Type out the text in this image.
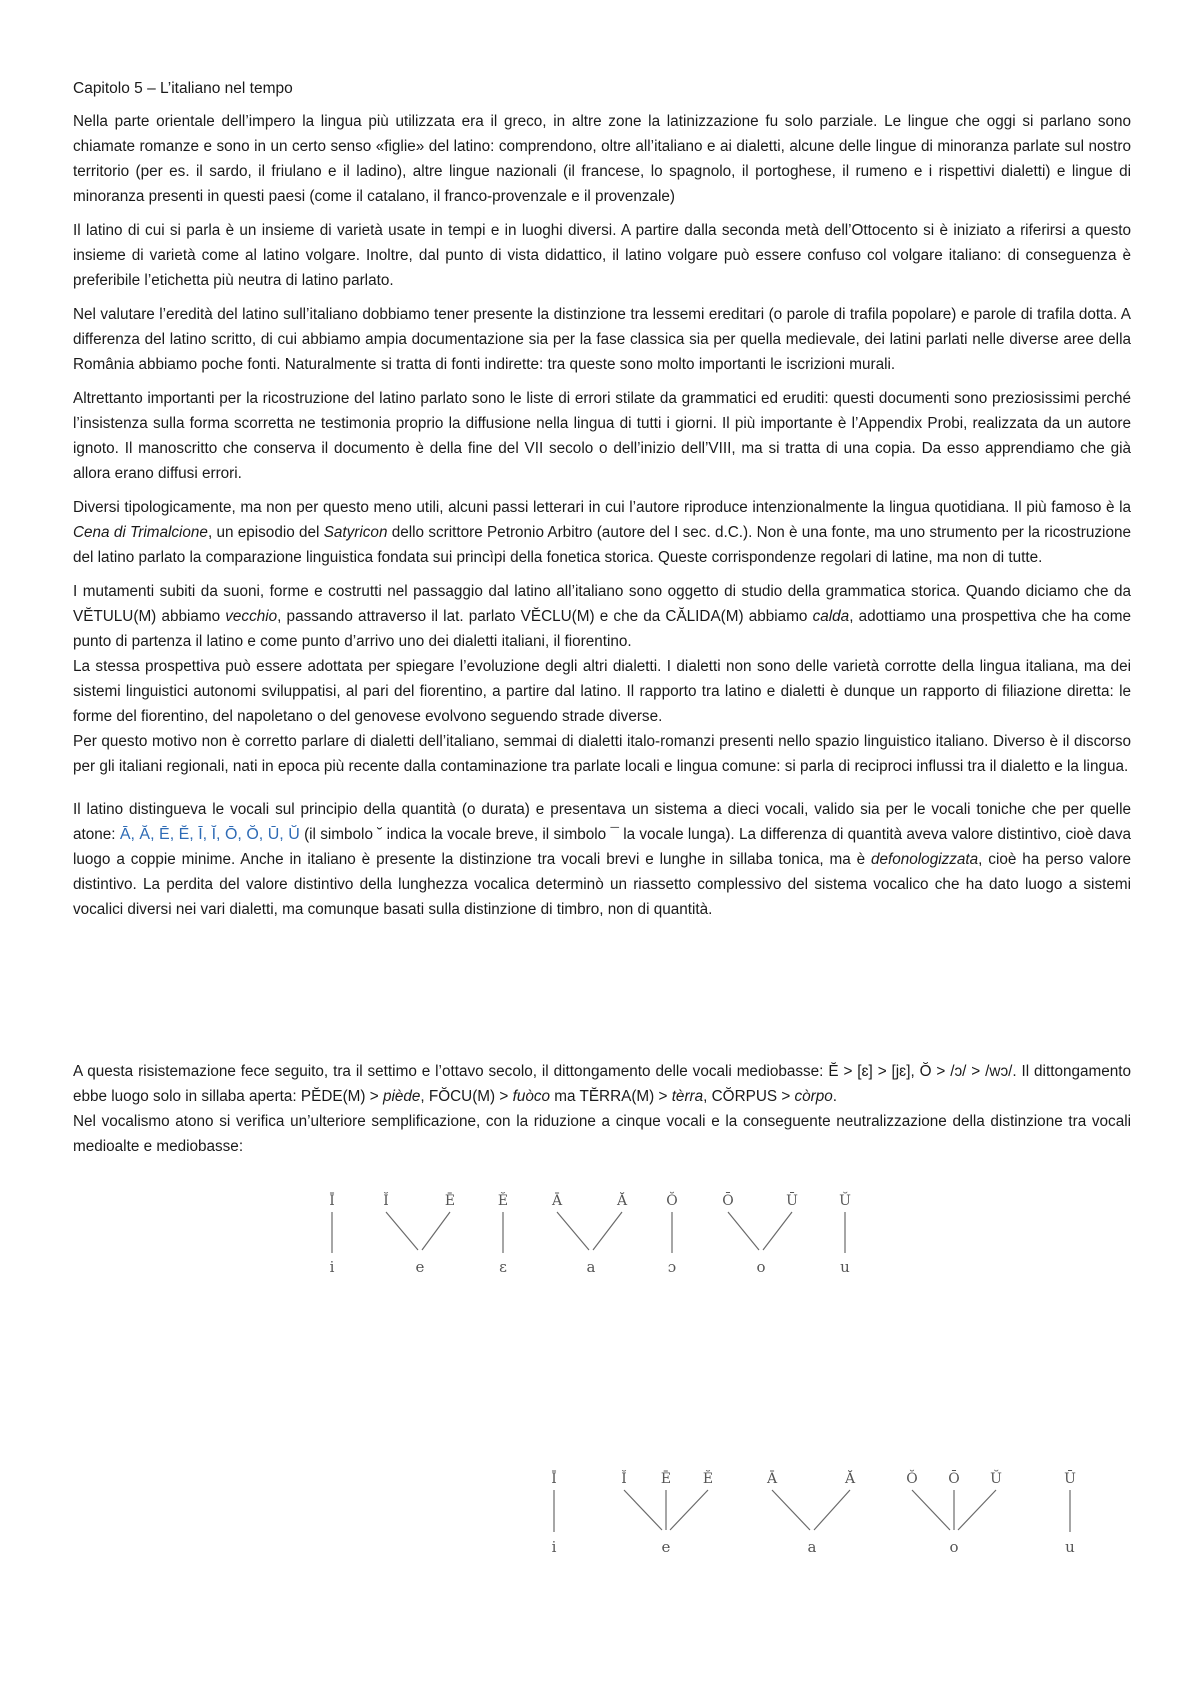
Capitolo 5 – L’italiano nel tempo

Nella parte orientale dell’impero la lingua più utilizzata era il greco, in altre zone la latinizzazione fu solo parziale. Le lingue che oggi si parlano sono chiamate romanze e sono in un certo senso «figlie» del latino: comprendono, oltre all’italiano e ai dialetti, alcune delle lingue di minoranza parlate sul nostro territorio (per es. il sardo, il friulano e il ladino), altre lingue nazionali (il francese, lo spagnolo, il portoghese, il rumeno e i rispettivi dialetti) e lingue di minoranza presenti in questi paesi (come il catalano, il franco-provenzale e il provenzale)

Il latino di cui si parla è un insieme di varietà usate in tempi e in luoghi diversi. A partire dalla seconda metà dell’Ottocento si è iniziato a riferirsi a questo insieme di varietà come al latino volgare. Inoltre, dal punto di vista didattico, il latino volgare può essere confuso col volgare italiano: di conseguenza è preferibile l’etichetta più neutra di latino parlato.

Nel valutare l’eredità del latino sull’italiano dobbiamo tener presente la distinzione tra lessemi ereditari (o parole di trafila popolare) e parole di trafila dotta. A differenza del latino scritto, di cui abbiamo ampia documentazione sia per la fase classica sia per quella medievale, dei latini parlati nelle diverse aree della România abbiamo poche fonti. Naturalmente si tratta di fonti indirette: tra queste sono molto importanti le iscrizioni murali.

Altrettanto importanti per la ricostruzione del latino parlato sono le liste di errori stilate da grammatici ed eruditi: questi documenti sono preziosissimi perché l’insistenza sulla forma scorretta ne testimonia proprio la diffusione nella lingua di tutti i giorni. Il più importante è l’Appendix Probi, realizzata da un autore ignoto. Il manoscritto che conserva il documento è della fine del VII secolo o dell’inizio dell’VIII, ma si tratta di una copia. Da esso apprendiamo che già allora erano diffusi errori.

Diversi tipologicamente, ma non per questo meno utili, alcuni passi letterari in cui l’autore riproduce intenzionalmente la lingua quotidiana. Il più famoso è la Cena di Trimalcione, un episodio del Satyricon dello scrittore Petronio Arbitro (autore del I sec. d.C.). Non è una fonte, ma uno strumento per la ricostruzione del latino parlato la comparazione linguistica fondata sui princìpi della fonetica storica. Queste corrispondenze regolari di latine, ma non di tutte.

I mutamenti subiti da suoni, forme e costrutti nel passaggio dal latino all’italiano sono oggetto di studio della grammatica storica. Quando diciamo che da VĔTULU(M) abbiamo vecchio, passando attraverso il lat. parlato VĔCLU(M) e che da CĂLIDA(M) abbiamo calda, adottiamo una prospettiva che ha come punto di partenza il latino e come punto d’arrivo uno dei dialetti italiani, il fiorentino.

La stessa prospettiva può essere adottata per spiegare l’evoluzione degli altri dialetti. I dialetti non sono delle varietà corrotte della lingua italiana, ma dei sistemi linguistici autonomi sviluppatisi, al pari del fiorentino, a partire dal latino. Il rapporto tra latino e dialetti è dunque un rapporto di filiazione diretta: le forme del fiorentino, del napoletano o del genovese evolvono seguendo strade diverse.

Per questo motivo non è corretto parlare di dialetti dell’italiano, semmai di dialetti italo-romanzi presenti nello spazio linguistico italiano. Diverso è il discorso per gli italiani regionali, nati in epoca più recente dalla contaminazione tra parlate locali e lingua comune: si parla di reciproci influssi tra il dialetto e la lingua.

Il latino distingueva le vocali sul principio della quantità (o durata) e presentava un sistema a dieci vocali, valido sia per le vocali toniche che per quelle atone: Ā, Ă, Ē, Ĕ, Ī, Ĭ, Ō, Ŏ, Ū, Ŭ (il simbolo ˘ indica la vocale breve, il simbolo ¯ la vocale lunga). La differenza di quantità aveva valore distintivo, cioè dava luogo a coppie minime. Anche in italiano è presente la distinzione tra vocali brevi e lunghe in sillaba tonica, ma è defonologizzata, cioè ha perso valore distintivo. La perdita del valore distintivo della lunghezza vocalica determinò un riassetto complessivo del sistema vocalico che ha dato luogo a sistemi vocalici diversi nei vari dialetti, ma comunque basati sulla distinzione di timbro, non di quantità.

A questa risistemazione fece seguito, tra il settimo e l’ottavo secolo, il dittongamento delle vocali mediobasse: Ĕ > [ɛ] > [jɛ], Ŏ > /ɔ/ > /wɔ/. Il dittongamento ebbe luogo solo in sillaba aperta: PĔDE(M) > piède, FŎCU(M) > fuòco ma TĔRRA(M) > tèrra, CŎRPUS > còrpo.

Nel vocalismo atono si verifica un’ulteriore semplificazione, con la riduzione a cinque vocali e la conseguente neutralizzazione della distinzione tra vocali medioalte e mediobasse:

Ī	Ĭ	Ē	Ĕ	Ā	Ă	Ŏ	Ō	Ū	Ŭ
i	e	ɛ	a	ɔ	o	u
Ī	Ĭ Ē Ĕ	Ā	Ă	Ŏ Ō Ŭ	Ū
i	e	a	o	u
